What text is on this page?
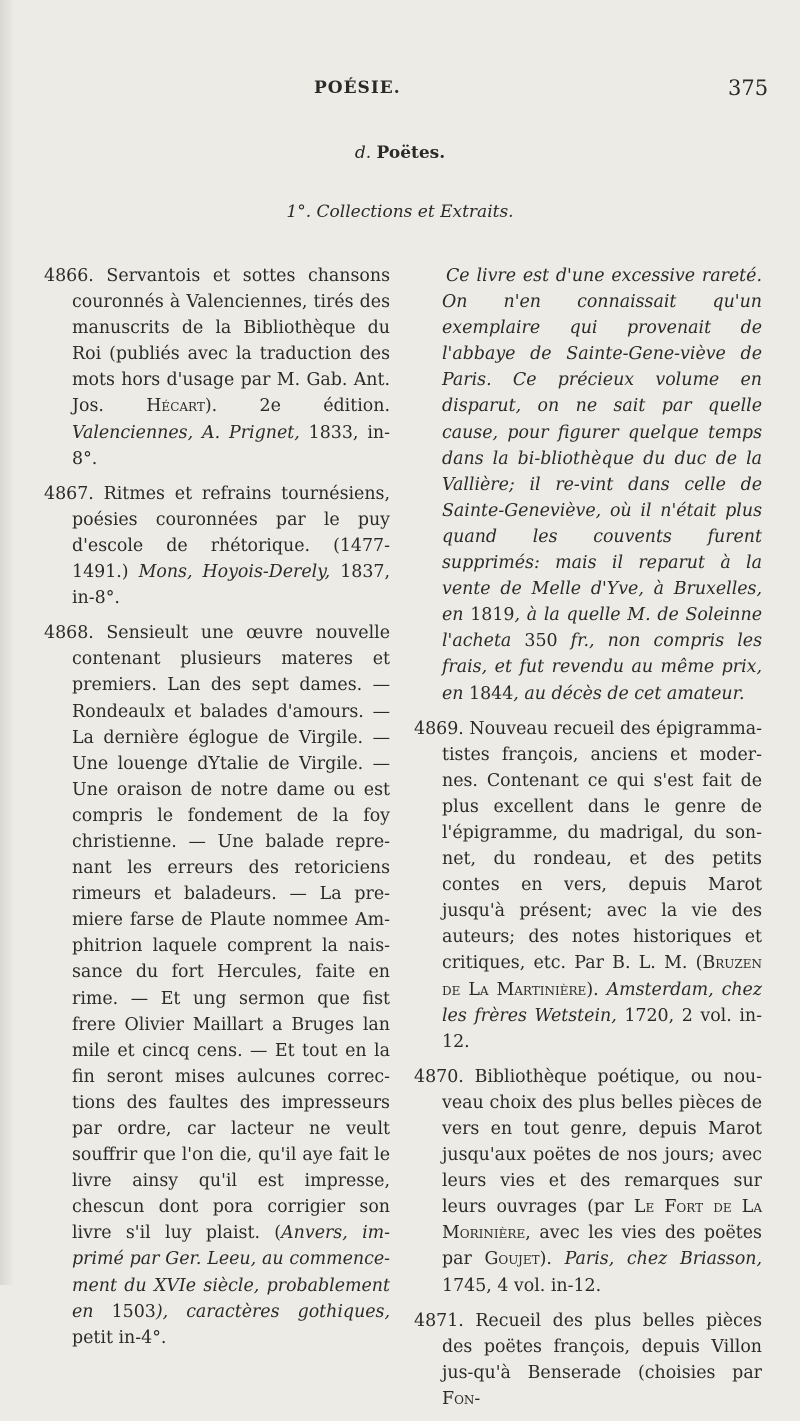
POÉSIE.	375
d. Poëtes.
1°. Collections et Extraits.

4866. Servantois et sottes chansons couronnés à Valenciennes, tirés des manuscrits de la Bibliothèque du Roi (publiés avec la traduction des mots hors d'usage par M. Gab. Ant. Jos. Hécart). 2e édition. Valenciennes, A. Prignet, 1833, in-8°.

4867. Ritmes et refrains tournésiens, poésies couronnées par le puy d'escole de rhétorique. (1477-1491.) Mons, Hoyois-Derely, 1837, in-8°.

4868. Sensieult une œuvre nouvelle contenant plusieurs materes et premiers. Lan des sept dames. — Rondeaulx et balades d'amours. — La dernière églogue de Virgile. — Une louenge dYtalie de Virgile. — Une oraison de notre dame ou est compris le fondement de la foy christienne. — Une balade repre-nant les erreurs des retoriciens rimeurs et baladeurs. — La pre-miere farse de Plaute nommee Am-phitrion laquele comprent la nais-sance du fort Hercules, faite en rime. — Et ung sermon que fist frere Olivier Maillart a Bruges lan mile et cincq cens. — Et tout en la fin seront mises aulcunes correc-tions des faultes des impresseurs par ordre, car lacteur ne veult souffrir que l'on die, qu'il aye fait le livre ainsy qu'il est impresse, chescun dont pora corrigier son livre s'il luy plaist. (Anvers, im-primé par Ger. Leeu, au commence-ment du XVIe siècle, probablement en 1503), caractères gothiques, petit in-4°.

Ce livre est d'une excessive rareté. On n'en connaissait qu'un exemplaire qui provenait de l'abbaye de Sainte-Gene-viève de Paris. Ce précieux volume en disparut, on ne sait par quelle cause, pour figurer quelque temps dans la bi-bliothèque du duc de la Vallière; il re-vint dans celle de Sainte-Geneviève, où il n'était plus quand les couvents furent supprimés: mais il reparut à la vente de Melle d'Yve, à Bruxelles, en 1819, à la quelle M. de Soleinne l'acheta 350 fr., non compris les frais, et fut revendu au même prix, en 1844, au décès de cet amateur.

4869. Nouveau recueil des épigramma-tistes françois, anciens et moder-nes. Contenant ce qui s'est fait de plus excellent dans le genre de l'épigramme, du madrigal, du son-net, du rondeau, et des petits contes en vers, depuis Marot jusqu'à présent; avec la vie des auteurs; des notes historiques et critiques, etc. Par B. L. M. (Bruzen de La Martinière). Amsterdam, chez les frères Wetstein, 1720, 2 vol. in-12.

4870. Bibliothèque poétique, ou nou-veau choix des plus belles pièces de vers en tout genre, depuis Marot jusqu'aux poëtes de nos jours; avec leurs vies et des remarques sur leurs ouvrages (par Le Fort de La Morinière, avec les vies des poëtes par Goujet). Paris, chez Briasson, 1745, 4 vol. in-12.

4871. Recueil des plus belles pièces des poëtes françois, depuis Villon jus-qu'à Benserade (choisies par Fon-
